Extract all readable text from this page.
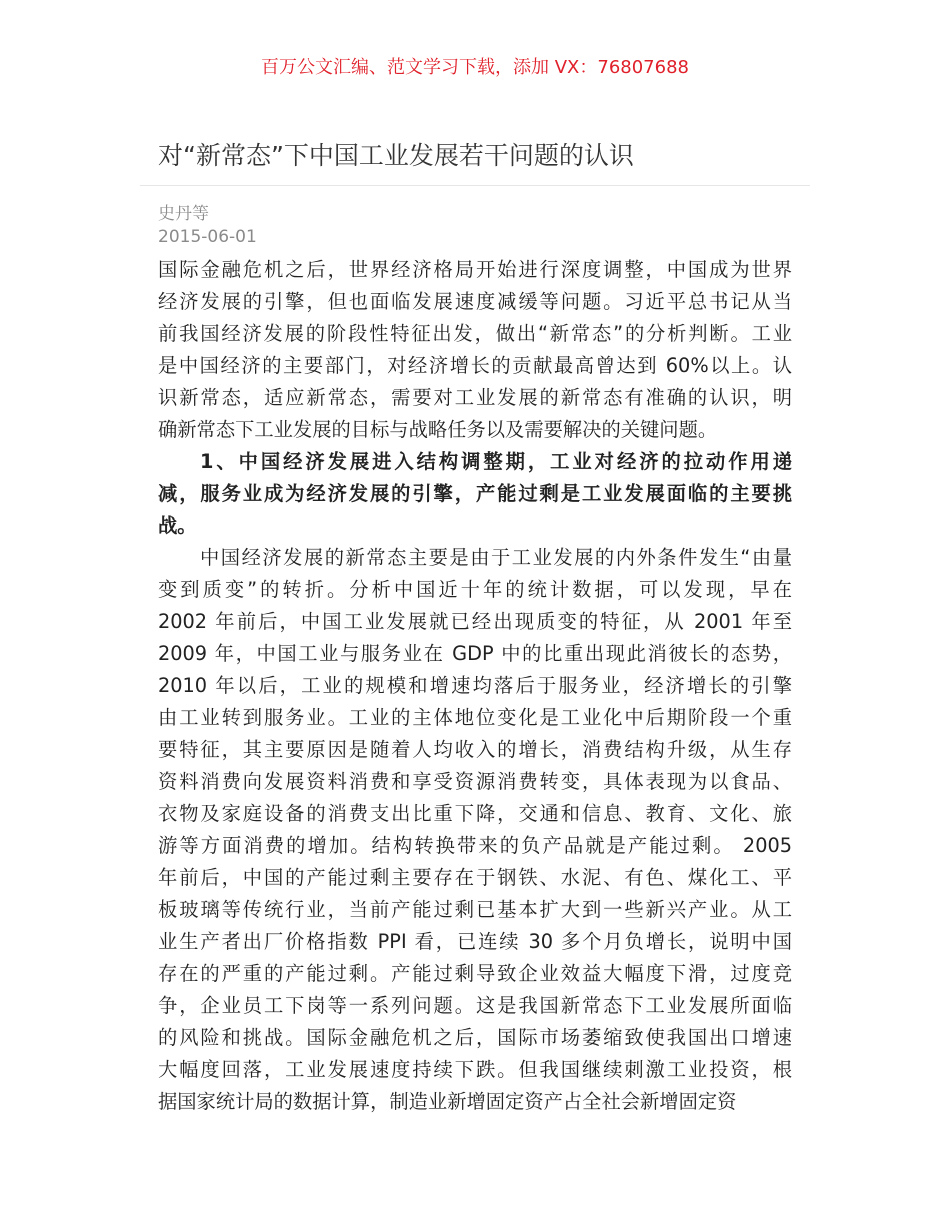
百万公文汇编、范文学习下载，添加 VX：76807688
对“新常态”下中国工业发展若干问题的认识
史丹等
2015-06-01
国际金融危机之后，世界经济格局开始进行深度调整，中国成为世界
经济发展的引擎，但也面临发展速度减缓等问题。习近平总书记从当
前我国经济发展的阶段性特征出发，做出“新常态”的分析判断。工业
是中国经济的主要部门，对经济增长的贡献最高曾达到 60%以上。认
识新常态，适应新常态，需要对工业发展的新常态有准确的认识，明
确新常态下工业发展的目标与战略任务以及需要解决的关键问题。
1、中国经济发展进入结构调整期，工业对经济的拉动作用递
减，服务业成为经济发展的引擎，产能过剩是工业发展面临的主要挑
战。
中国经济发展的新常态主要是由于工业发展的内外条件发生“由量
变到质变”的转折。分析中国近十年的统计数据，可以发现，早在
2002 年前后，中国工业发展就已经出现质变的特征，从 2001 年至
2009 年，中国工业与服务业在 GDP 中的比重出现此消彼长的态势，
2010 年以后，工业的规模和增速均落后于服务业，经济增长的引擎
由工业转到服务业。工业的主体地位变化是工业化中后期阶段一个重
要特征，其主要原因是随着人均收入的增长，消费结构升级，从生存
资料消费向发展资料消费和享受资源消费转变，具体表现为以食品、
衣物及家庭设备的消费支出比重下降，交通和信息、教育、文化、旅
游等方面消费的增加。结构转换带来的负产品就是产能过剩。 2005
年前后，中国的产能过剩主要存在于钢铁、水泥、有色、煤化工、平
板玻璃等传统行业，当前产能过剩已基本扩大到一些新兴产业。从工
业生产者出厂价格指数 PPI 看，已连续 30 多个月负增长，说明中国
存在的严重的产能过剩。产能过剩导致企业效益大幅度下滑，过度竞
争，企业员工下岗等一系列问题。这是我国新常态下工业发展所面临
的风险和挑战。国际金融危机之后，国际市场萎缩致使我国出口增速
大幅度回落，工业发展速度持续下跌。但我国继续刺激工业投资，根
据国家统计局的数据计算，制造业新增固定资产占全社会新增固定资
